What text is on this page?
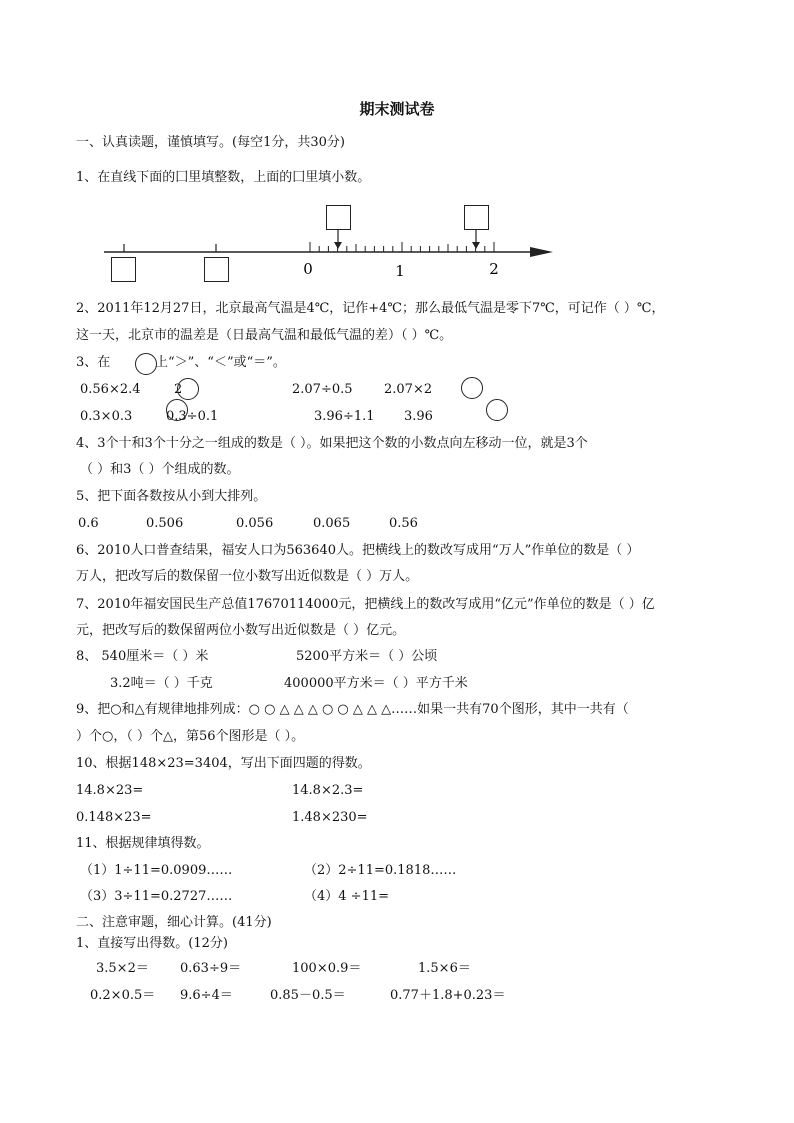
期末测试卷
一、认真读题，谨慎填写。(每空1分，共30分)
1、在直线下面的囗里填整数，上面的囗里填小数。
0	1	2
2、2011年12月27日，北京最高气温是4℃，记作+4℃；那么最低气温是零下7℃，可记作（ ）℃，
这一天，北京市的温差是（日最高气温和最低气温的差）（ ）℃。
3、在	上“＞”、“＜”或“＝”。
0.56×2.4	2	2.07÷0.5 2.07×2
0.3×0.3	0.3÷0.1	3.96÷1.1 3.96
4、3个十和3个十分之一组成的数是（ ）。如果把这个数的小数点向左移动一位，就是3个
（ ）和3（ ）个组成的数。
5、把下面各数按从小到大排列。
0.6	0.506	0.056	0.065	0.56
6、2010人口普查结果，福安人口为563640人。把横线上的数改写成用“万人”作单位的数是（ ）
万人，把改写后的数保留一位小数写出近似数是（ ）万人。
7、2010年福安国民生产总值17670114000元，把横线上的数改写成用“亿元”作单位的数是（ ）亿
元，把改写后的数保留两位小数写出近似数是（ ）亿元。
8、 540厘米＝（ ）米	5200平方米＝（ ）公顷
3.2吨＝（ ）千克	400000平方米＝（ ）平方千米
9、把○和△有规律地排列成：○ ○ △ △ △ ○ ○ △ △ △……如果一共有70个图形，其中一共有（
）个○，（ ）个△，第56个图形是（ ）。
10、根据148×23=3404，写出下面四题的得数。
14.8×23=	14.8×2.3=
0.148×23=	1.48×230=
11、根据规律填得数。
（1）1÷11=0.0909……	（2）2÷11=0.1818……
（3）3÷11=0.2727……	（4）4 ÷11=
二、注意审题，细心计算。(41分)
1、直接写出得数。(12分)
3.5×2＝ 0.63÷9＝	100×0.9＝	1.5×6＝
0.2×0.5＝ 9.6÷4＝	0.85－0.5＝	0.77＋1.8+0.23＝
